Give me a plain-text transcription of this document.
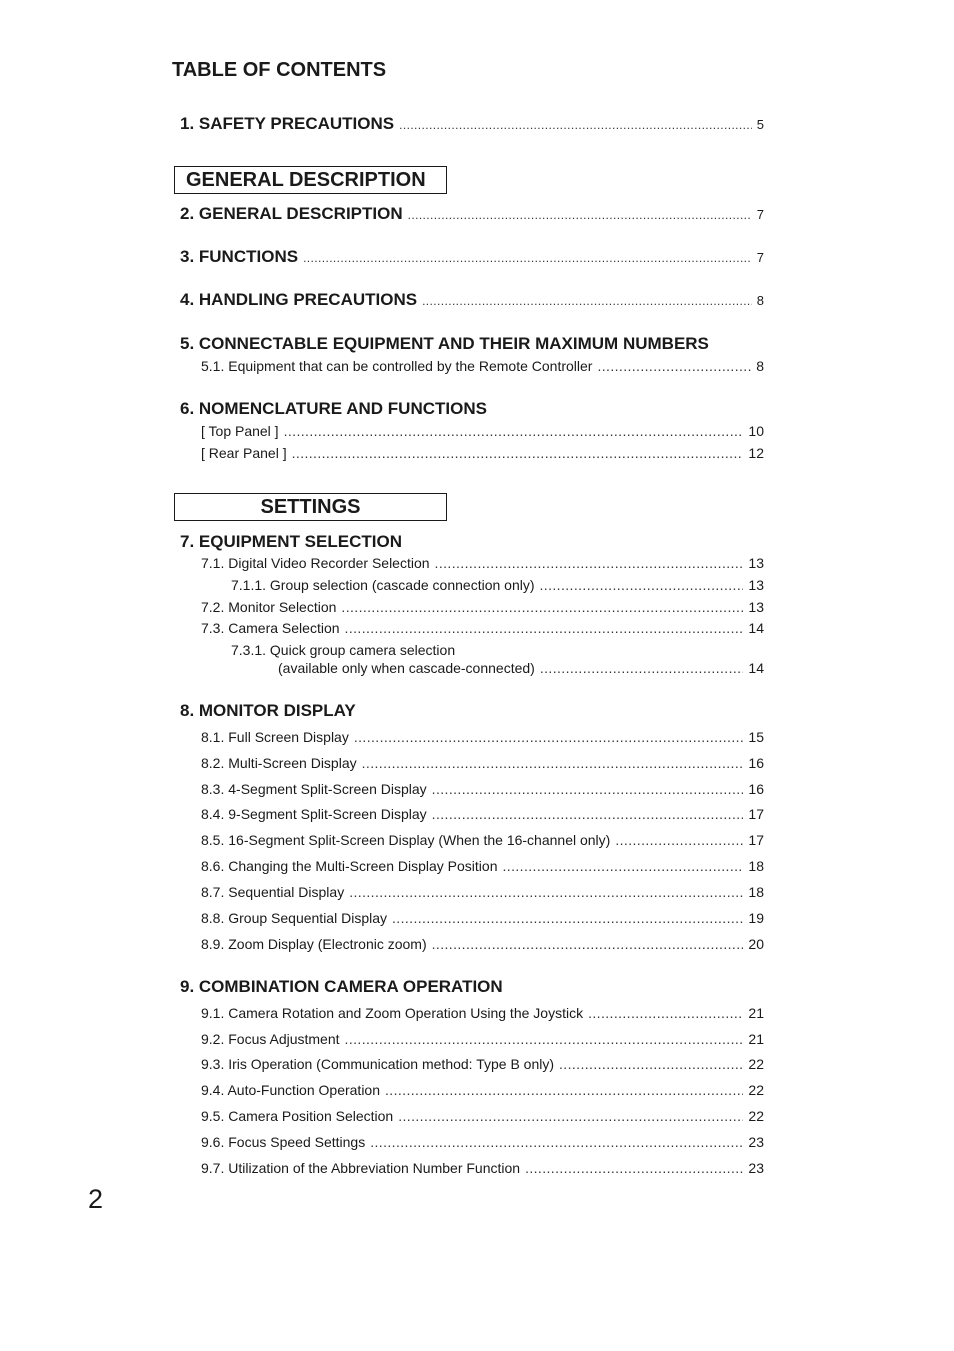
TABLE OF CONTENTS
1. SAFETY PRECAUTIONS .....	5
GENERAL DESCRIPTION
2. GENERAL DESCRIPTION .....	7
3. FUNCTIONS .....	7
4. HANDLING PRECAUTIONS .....	8
5. CONNECTABLE EQUIPMENT AND THEIR MAXIMUM NUMBERS
5.1. Equipment that can be controlled by the Remote Controller .....	8
6. NOMENCLATURE AND FUNCTIONS
[ Top Panel ] .....	10
[ Rear Panel ] .....	12
SETTINGS
7. EQUIPMENT SELECTION
7.1. Digital Video Recorder Selection .....	13
7.1.1. Group selection (cascade connection only) .....	13
7.2. Monitor Selection .....	13
7.3. Camera Selection .....	14
7.3.1. Quick group camera selection
(available only when cascade-connected) .....	14
8. MONITOR DISPLAY
8.1. Full Screen Display .....	15
8.2. Multi-Screen Display .....	16
8.3. 4-Segment Split-Screen Display .....	16
8.4. 9-Segment Split-Screen Display .....	17
8.5. 16-Segment Split-Screen Display (When the 16-channel only) .....	17
8.6. Changing the Multi-Screen Display Position .....	18
8.7. Sequential Display .....	18
8.8. Group Sequential Display .....	19
8.9. Zoom Display (Electronic zoom) .....	20
9. COMBINATION CAMERA OPERATION
9.1. Camera Rotation and Zoom Operation Using the Joystick .....	21
9.2. Focus Adjustment .....	21
9.3. Iris Operation (Communication method: Type B only) .....	22
9.4. Auto-Function Operation .....	22
9.5. Camera Position Selection .....	22
9.6. Focus Speed Settings .....	23
9.7. Utilization of the Abbreviation Number Function .....	23
2
